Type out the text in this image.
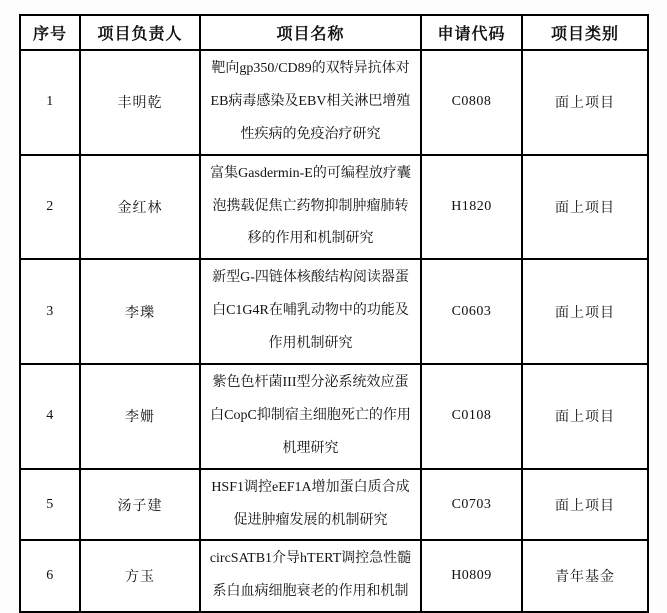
序号	项目负责人	项目名称	申请代码	项目类别
1	丰明乾	靶向gp350/CD89的双特异抗体对EB病毒感染及EBV相关淋巴增殖性疾病的免疫治疗研究	C0808	面上项目
2	金红林	富集Gasdermin-E的可编程放疗囊泡携载促焦亡药物抑制肿瘤肺转移的作用和机制研究	H1820	面上项目
3	李瓅	新型G-四链体核酸结构阅读器蛋白C1G4R在哺乳动物中的功能及作用机制研究	C0603	面上项目
4	李姗	紫色色杆菌III型分泌系统效应蛋白CopC抑制宿主细胞死亡的作用机理研究	C0108	面上项目
5	汤子建	HSF1调控eEF1A增加蛋白质合成促进肿瘤发展的机制研究	C0703	面上项目
6	方玉	circSATB1介导hTERT调控急性髓系白血病细胞衰老的作用和机制	H0809	青年基金
